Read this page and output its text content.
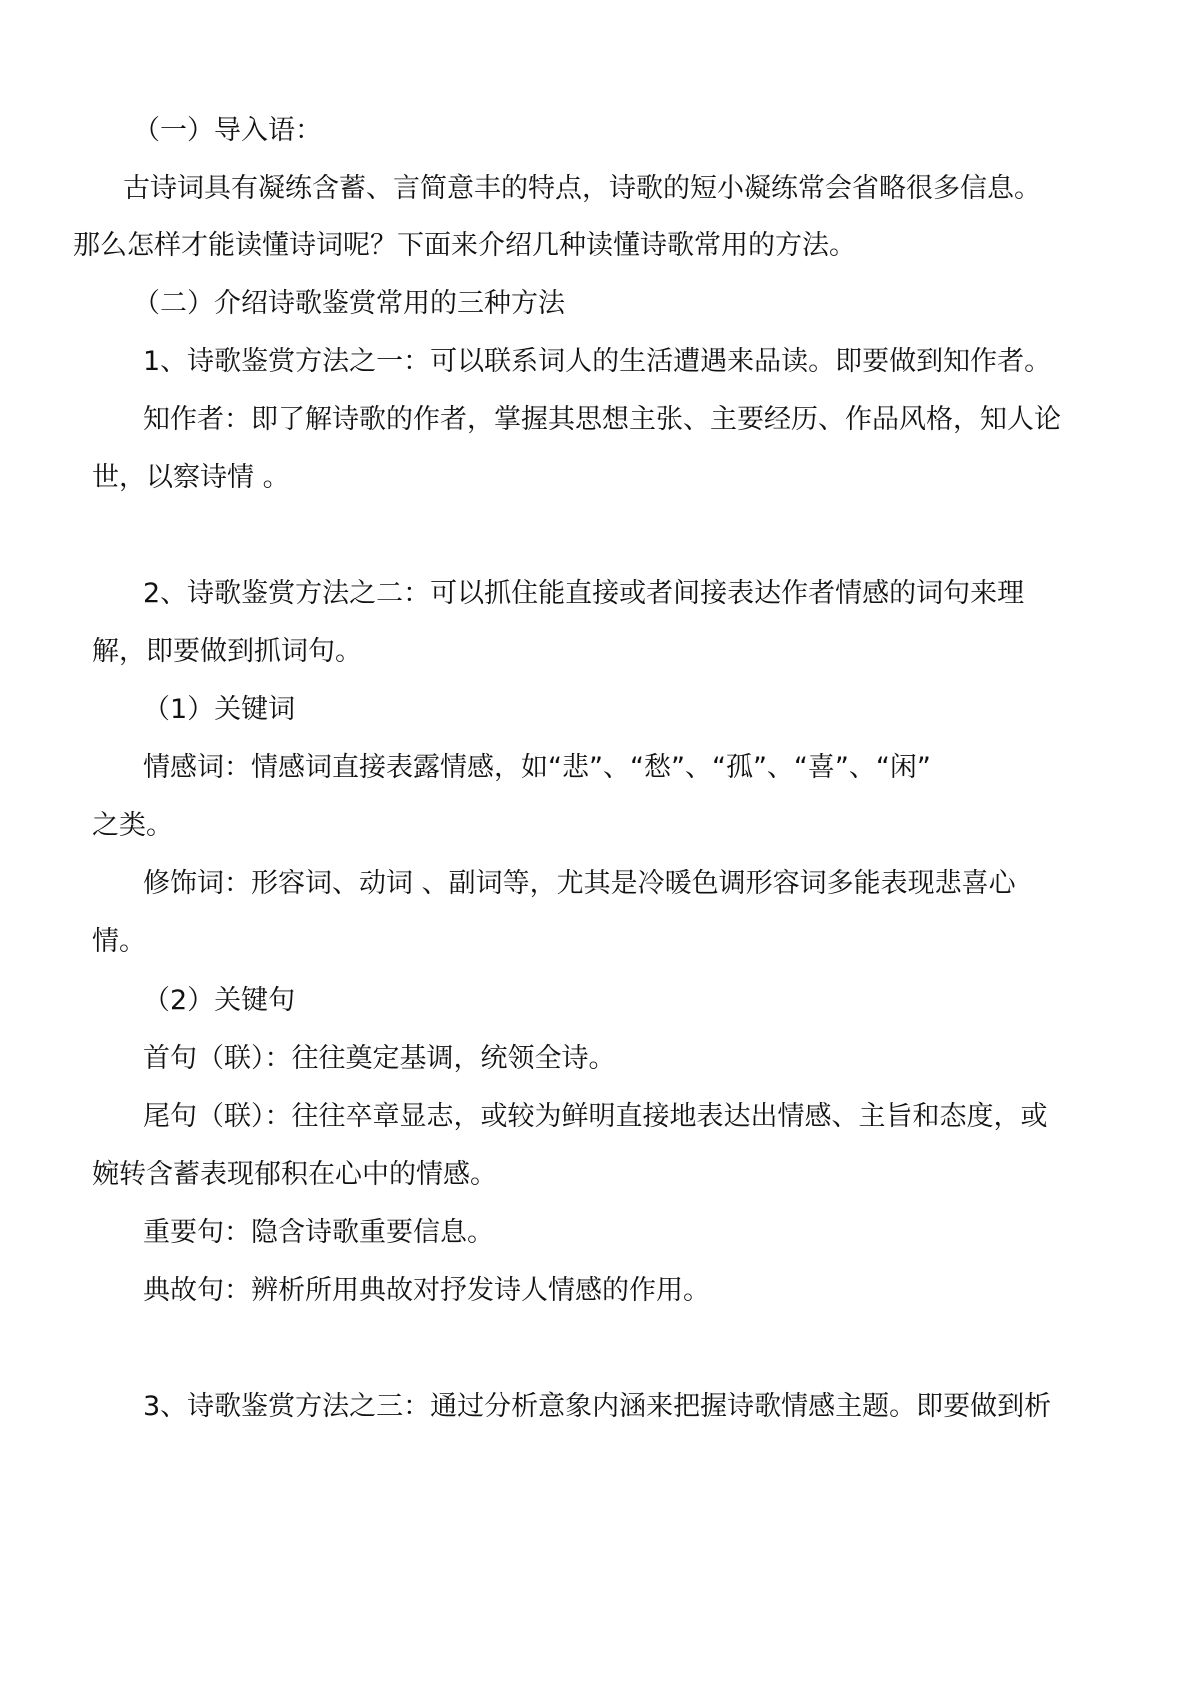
（一）导入语：

古诗词具有凝练含蓄、言简意丰的特点，诗歌的短小凝练常会省略很多信息。

那么怎样才能读懂诗词呢？下面来介绍几种读懂诗歌常用的方法。

（二）介绍诗歌鉴赏常用的三种方法

1、诗歌鉴赏方法之一：可以联系词人的生活遭遇来品读。即要做到知作者。

知作者：即了解诗歌的作者，掌握其思想主张、主要经历、作品风格，知人论

世，以察诗情 。

2、诗歌鉴赏方法之二：可以抓住能直接或者间接表达作者情感的词句来理

解，即要做到抓词句。

（1）关键词

情感词：情感词直接表露情感，如“悲”、“愁”、“孤”、“喜”、“闲”

之类。

修饰词：形容词、动词 、副词等，尤其是冷暖色调形容词多能表现悲喜心

情。

（2）关键句

首句（联）：往往奠定基调，统领全诗。

尾句（联）：往往卒章显志，或较为鲜明直接地表达出情感、主旨和态度，或

婉转含蓄表现郁积在心中的情感。

重要句：隐含诗歌重要信息。

典故句：辨析所用典故对抒发诗人情感的作用。

3、诗歌鉴赏方法之三：通过分析意象内涵来把握诗歌情感主题。即要做到析
